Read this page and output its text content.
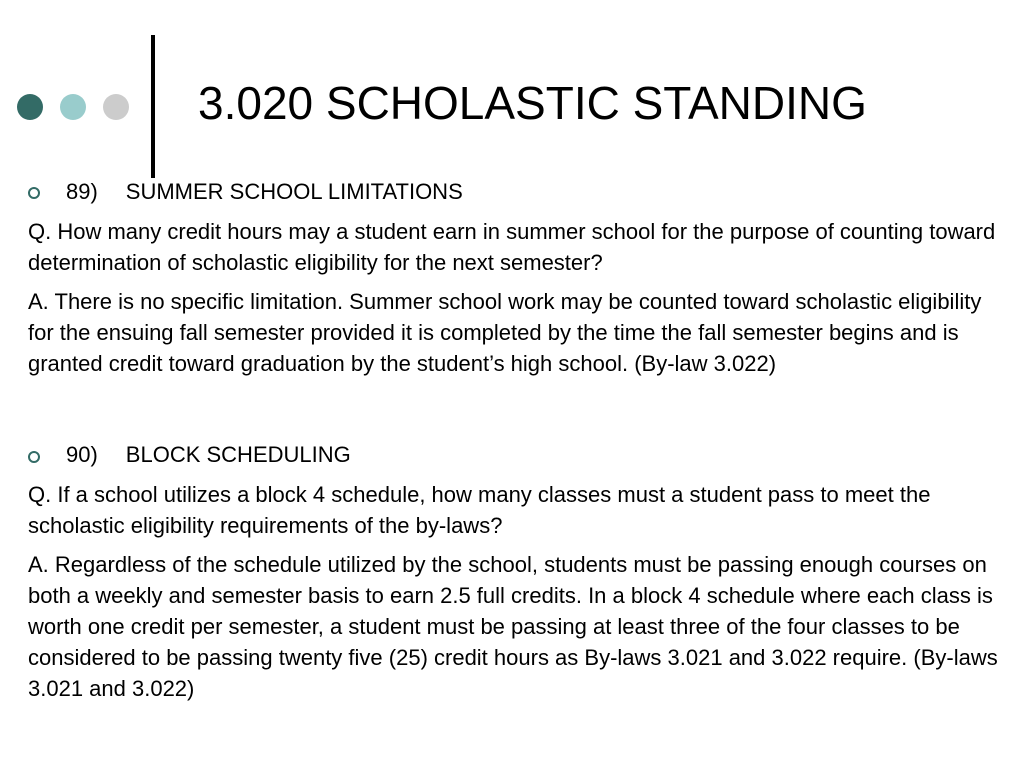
3.020 SCHOLASTIC STANDING
89) SUMMER SCHOOL LIMITATIONS
Q. How many credit hours may a student earn in summer school for the purpose of counting toward determination of scholastic eligibility for the next semester?
A. There is no specific limitation. Summer school work may be counted toward scholastic eligibility for the ensuing fall semester provided it is completed by the time the fall semester begins and is granted credit toward graduation by the student’s high school. (By-law 3.022)
90) BLOCK SCHEDULING
Q. If a school utilizes a block 4 schedule, how many classes must a student pass to meet the scholastic eligibility requirements of the by-laws?
A. Regardless of the schedule utilized by the school, students must be passing enough courses on both a weekly and semester basis to earn 2.5 full credits. In a block 4 schedule where each class is worth one credit per semester, a student must be passing at least three of the four classes to be considered to be passing twenty five (25) credit hours as By-laws 3.021 and 3.022 require. (By-laws 3.021 and 3.022)
